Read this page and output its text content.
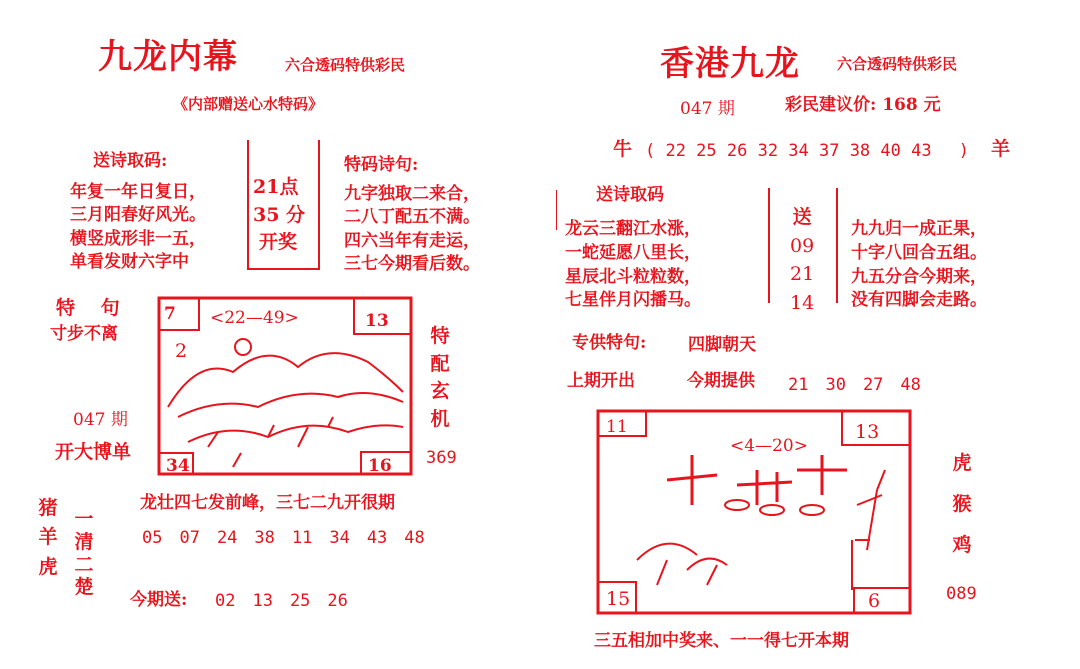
九龙内幕	六合透码特供彩民
《内部赠送心水特码》
送诗取码:
年复一年日复日，
三月阳春好风光。
横竖成形非一五，
单看发财六字中
21点
35 分
开奖
特码诗句:
九字独取二来合，
二八丁配五不满。
四六当年有走运，
三七今期看后数。
特　 句
寸步不离
047 期
开大博单
7	13
34	16
<22—49>
2
特
配
玄
机
369
龙壮四七发前峰，三七二九开很期
猪
羊
虎
一
清
二
楚
05　07　24　38　11　34　43　48
今期送: 02　13　25　26
香港九龙 六合透码特供彩民
047 期	彩民建议价: 168 元
牛 ( 22 25 26 32 34 37 38 40 43　 ) 羊
送诗取码
龙云三翻江水涨，
一蛇延愿八里长，
星辰北斗粒粒数，
七星伴月闪播马。
送
09
21
14
九九归一成正果，
十字八回合五组。
九五分合今期来，
没有四脚会走路。
专供特句: 四脚朝天
上期开出	今期提供 21　30　27　48
11	13
15	6
<4—20>
虎
猴
鸡
089
三五相加中奖来、一一得七开本期
